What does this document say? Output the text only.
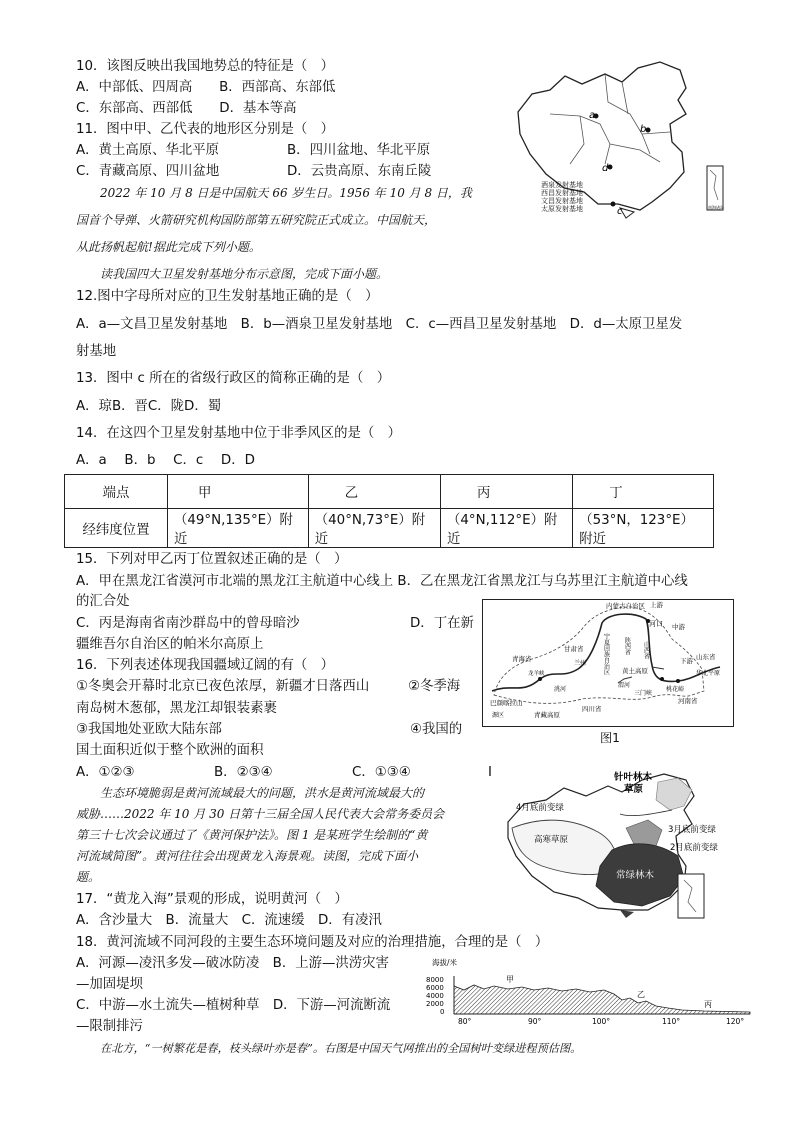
10．该图反映出我国地势总的特征是（　）
A．中部低、四周高　　B．西部高、东部低
C．东部高、西部低　　D．基本等高
11．图中甲、乙代表的地形区分别是（　）
A．黄土高原、华北平原	B．四川盆地、华北平原
C．青藏高原、四川盆地	D．云贵高原、东南丘陵
a
b
c
d
南海诸岛
酒泉发射基地
西昌发射基地
文昌发射基地
太原发射基地
2022 年 10 月 8 日是中国航天 66 岁生日。1956 年 10 月 8 日，我
国首个导弹、火箭研究机构国防部第五研究院正式成立。中国航天，
从此扬帆起航!据此完成下列小题。
读我国四大卫星发射基地分布示意图，完成下面小题。
12.图中字母所对应的卫生发射基地正确的是（　）
A．a—文昌卫星发射基地　B．b—酒泉卫星发射基地　C．c—西昌卫星发射基地　D．d—太原卫星发
射基地
13．图中 c 所在的省级行政区的简称正确的是（　）
A．琼B．晋C．陇D．蜀
14．在这四个卫星发射基地中位于非季风区的是（　）
A．a　 B．b　 C．c　 D．D
端点	甲	乙	丙	丁
经纬度位置	（49°N,135°E）附近	（40°N,73°E）附近	（4°N,112°E）附近	（53°N，123°E）附近
15．下列对甲乙丙丁位置叙述正确的是（　）
A．甲在黑龙江省漠河市北端的黑龙江主航道中心线上 B．乙在黑龙江省黑龙江与乌苏里江主航道中心线
的汇合处
C．丙是海南省南沙群岛中的曾母暗沙	D．丁在新
疆维吾尔自治区的帕米尔高原上
16．下列表述体现我国疆域辽阔的有（　）
①冬奥会开幕时北京已夜色浓厚，新疆才日落西山	②冬季海
南岛树木葱郁，黑龙江却银装素裹
③我国地处亚欧大陆东部	④我国的
国土面积近似于整个欧洲的面积
A．①②③	B．②③④	C．①③④	I
内蒙古自治区 上游
河口 中游
甘肃省
黄土高原
宁夏回族自治区 陕西省 山西省
青海省
龙羊峡
巴颜喀拉山
青藏高原
四川省
河南省
山东省
下游
华北平原
桃花峪
三门峡
渭河
洮河
兰州
源区
图1
生态环境脆弱是黄河流域最大的问题，洪水是黄河流域最大的
威胁……2022 年 10 月 30 日第十三届全国人民代表大会常务委员会
第三十七次会议通过了《黄河保护法》。图 1 是某班学生绘制的“黄
河流域简图”。黄河往往会出现黄龙入海景观。读图，完成下面小
题。
针叶林木
草原
4月底前变绿
高寒草原
3月底前变绿
2月底前变绿
常绿林木
17．“黄龙入海”景观的形成，说明黄河（　）
A．含沙量大　B．流量大　C．流速缓　D．有凌汛
18．黄河流域不同河段的主要生态环境问题及对应的治理措施，合理的是（　）
A．河源—凌汛多发—破冰防凌　B．上游—洪涝灾害
—加固堤坝
C．中游—水土流失—植树种草　D．下游—河流断流
—限制排污
海拔/米
8000
6000
4000
2000
0
甲
乙
丙
80°	90°	100°	110°	120°
在北方，“一树繁花是春，枝头绿叶亦是春”。右图是中国天气网推出的全国树叶变绿进程预估图。
